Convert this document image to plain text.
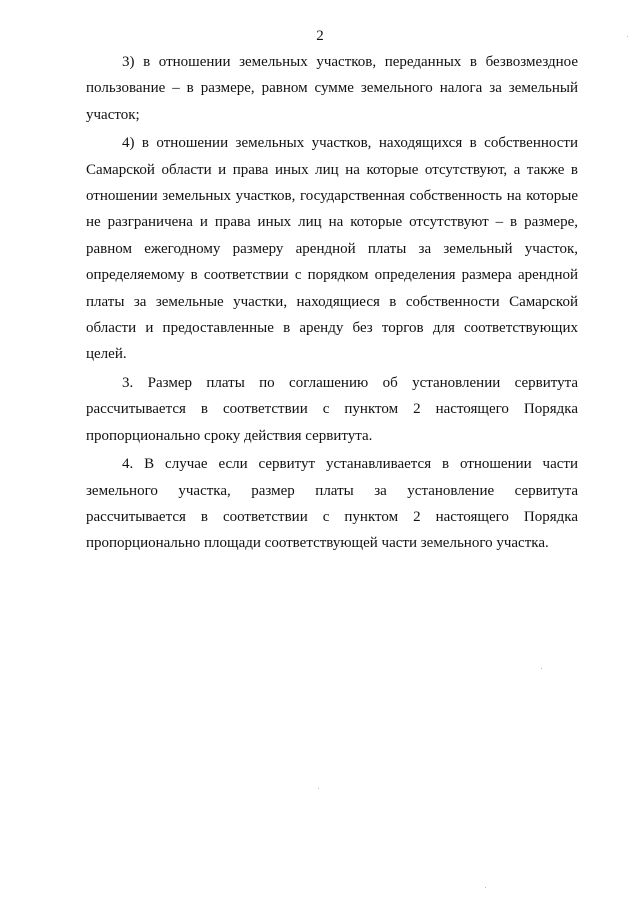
2

3) в отношении земельных участков, переданных в безвозмездное пользование – в размере, равном сумме земельного налога за земельный участок;

4) в отношении земельных участков, находящихся в собственности Самарской области и права иных лиц на которые отсутствуют, а также в отношении земельных участков, государственная собственность на которые не разграничена и права иных лиц на которые отсутствуют – в размере, равном ежегодному размеру арендной платы за земельный участок, определяемому в соответствии с порядком определения размера арендной платы за земельные участки, находящиеся в собственности Самарской области и предоставленные в аренду без торгов для соответствующих целей.

3. Размер платы по соглашению об установлении сервитута рассчитывается в соответствии с пунктом 2 настоящего Порядка пропорционально сроку действия сервитута.

4. В случае если сервитут устанавливается в отношении части земельного участка, размер платы за установление сервитута рассчитывается в соответствии с пунктом 2 настоящего Порядка пропорционально площади соответствующей части земельного участка.
